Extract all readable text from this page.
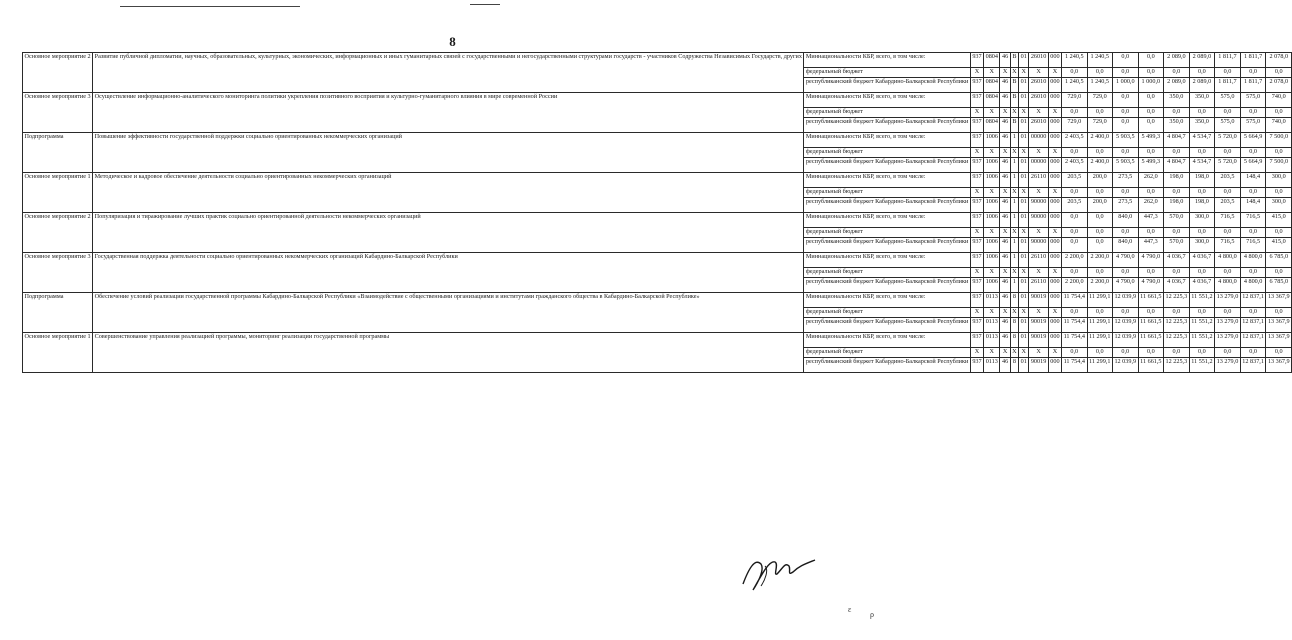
8
Основное мероприятие 2	Развитие публичной дипломатии, научных, образовательных, культурных, экономических, информационных и иных гуманитарных связей с государственными и негосударственными структурами государств - участников Содружества Независимых Государств, других	Миннациональности КБР, всего, в том числе:	937	0804	46	В	01	26010	000	1 240,5	1 240,5	0,0	0,0	2 089,0	2 089,0	1 811,7	1 811,7	2 078,0
		федеральный бюджет	X	X	X	X	X	X	X	0,0	0,0	0,0	0,0	0,0	0,0	0,0	0,0	0,0
		республиканский бюджет Кабардино-Балкарской Республики	937	0804	46	В	01	26010	000	1 240,5	1 240,5	1 000,0	1 000,0	2 089,0	2 089,0	1 811,7	1 811,7	2 078,0
Основное мероприятие 3	Осуществление информационно-аналитического мониторинга политики укрепления позитивного восприятия и культурно-гуманитарного влияния в мире современной России	Миннациональности КБР, всего, в том числе:	937	0804	46	В	01	26010	000	729,0	729,0	0,0	0,0	350,0	350,0	575,0	575,0	740,0
		федеральный бюджет	X	X	X	X	X	X	X	0,0	0,0	0,0	0,0	0,0	0,0	0,0	0,0	0,0
		республиканский бюджет Кабардино-Балкарской Республики	937	0804	46	В	01	26010	000	729,0	729,0	0,0	0,0	350,0	350,0	575,0	575,0	740,0
Подпрограмма	Повышение эффективности государственной поддержки социально ориентированных некоммерческих организаций	Миннациональности КБР, всего, в том числе:	937	1006	46	1	01	00000	000	2 403,5	2 400,0	5 903,5	5 499,3	4 804,7	4 534,7	5 720,0	5 664,9	7 500,0
		федеральный бюджет	X	X	X	X	X	X	X	0,0	0,0	0,0	0,0	0,0	0,0	0,0	0,0	0,0
		республиканский бюджет Кабардино-Балкарской Республики	937	1006	46	1	01	00000	000	2 403,5	2 400,0	5 903,5	5 499,3	4 804,7	4 534,7	5 720,0	5 664,9	7 500,0
Основное мероприятие 1	Методическое и кадровое обеспечение деятельности социально ориентированных некоммерческих организаций	Миннациональности КБР, всего, в том числе:	937	1006	46	1	01	26110	000	203,5	200,0	273,5	262,0	198,0	198,0	203,5	148,4	300,0
		федеральный бюджет	X	X	X	X	X	X	X	0,0	0,0	0,0	0,0	0,0	0,0	0,0	0,0	0,0
		республиканский бюджет Кабардино-Балкарской Республики	937	1006	46	1	01	90000	000	203,5	200,0	273,5	262,0	198,0	198,0	203,5	148,4	300,0
Основное мероприятие 2	Популяризация и тиражирование лучших практик социально ориентированной деятельности некоммерческих организаций	Миннациональности КБР, всего, в том числе:	937	1006	46	1	01	90000	000	0,0	0,0	840,0	447,3	570,0	300,0	716,5	716,5	415,0
		федеральный бюджет	X	X	X	X	X	X	X	0,0	0,0	0,0	0,0	0,0	0,0	0,0	0,0	0,0
		республиканский бюджет Кабардино-Балкарской Республики	937	1006	46	1	01	90000	000	0,0	0,0	840,0	447,3	570,0	300,0	716,5	716,5	415,0
Основное мероприятие 3	Государственная поддержка деятельности социально ориентированных некоммерческих организаций Кабардино-Балкарской Республики	Миннациональности КБР, всего, в том числе:	937	1006	46	1	01	26110	000	2 200,0	2 200,0	4 790,0	4 790,0	4 036,7	4 036,7	4 800,0	4 800,0	6 785,0
		федеральный бюджет	X	X	X	X	X	X	X	0,0	0,0	0,0	0,0	0,0	0,0	0,0	0,0	0,0
		республиканский бюджет Кабардино-Балкарской Республики	937	1006	46	1	01	26110	000	2 200,0	2 200,0	4 790,0	4 790,0	4 036,7	4 036,7	4 800,0	4 800,0	6 785,0
Подпрограмма	Обеспечение условий реализации государственной программы Кабардино-Балкарской Республики «Взаимодействие с общественными организациями и институтами гражданского общества в Кабардино-Балкарской Республике»	Миннациональности КБР, всего, в том числе:	937	0113	46	8	01	90019	000	11 754,4	11 299,1	12 039,9	11 661,5	12 225,3	11 551,2	13 279,0	12 837,1	13 367,9
		федеральный бюджет	X	X	X	X	X	X	X	0,0	0,0	0,0	0,0	0,0	0,0	0,0	0,0	0,0
		республиканский бюджет Кабардино-Балкарской Республики	937	0113	46	8	01	90019	000	11 754,4	11 299,1	12 039,9	11 661,5	12 225,3	11 551,2	13 279,0	12 837,1	13 367,9
Основное мероприятие 1	Совершенствование управления реализацией программы, мониторинг реализации государственной программы	Миннациональности КБР, всего, в том числе:	937	0113	46	8	01	90019	000	11 754,4	11 299,1	12 039,9	11 661,5	12 225,3	11 551,2	13 279,0	12 837,1	13 367,9
		федеральный бюджет	X	X	X	X	X	X	X	0,0	0,0	0,0	0,0	0,0	0,0	0,0	0,0	0,0
		республиканский бюджет Кабардино-Балкарской Республики	937	0113	46	8	01	90019	000	11 754,4	11 299,1	12 039,9	11 661,5	12 225,3	11 551,2	13 279,0	12 837,1	13 367,9
ε
ρ
